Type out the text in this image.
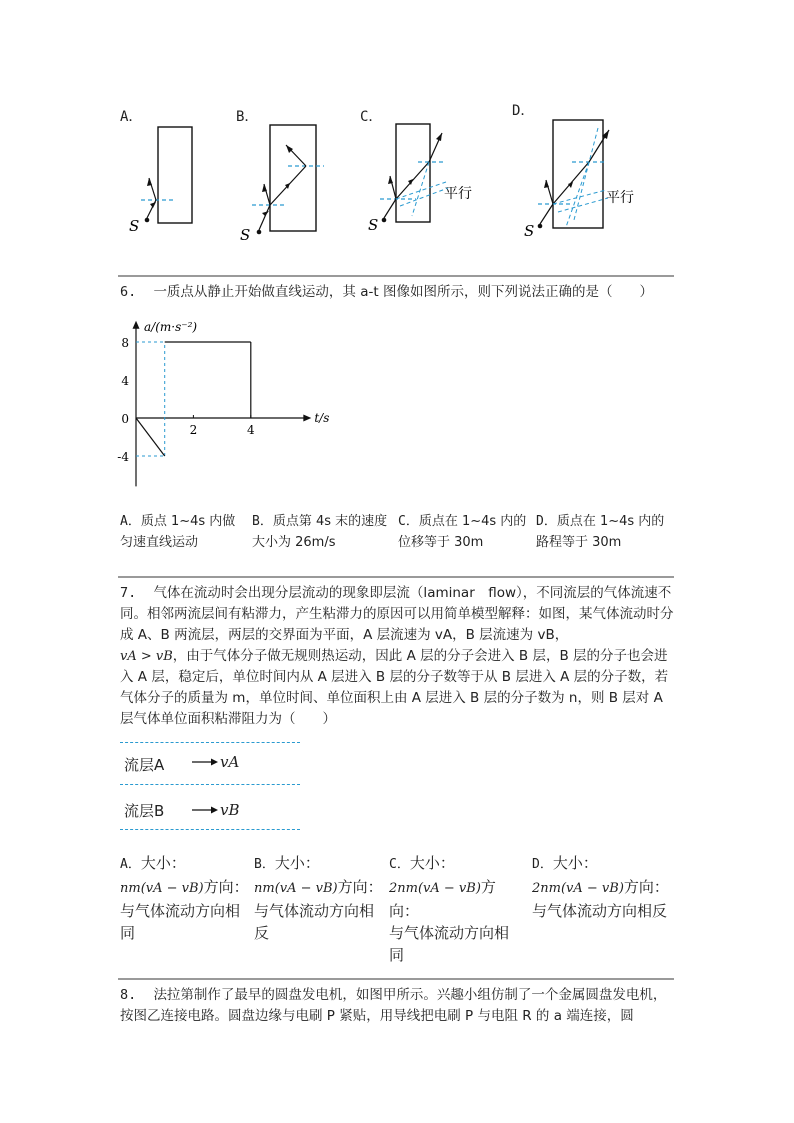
A．
S
B．
S
C．
S
平行
D．
S
平行
6. 一质点从静止开始做直线运动，其 a-t 图像如图所示，则下列说法正确的是（　　）
8
4
0
-4
2	4
t/s
a/(m·s⁻²)
A．质点 1~4s 内做匀速直线运动
B．质点第 4s 末的速度大小为 26m/s
C．质点在 1~4s 内的位移等于 30m
D．质点在 1~4s 内的路程等于 30m
7. 气体在流动时会出现分层流动的现象即层流（laminar　flow），不同流层的气体流速不同。相邻两流层间有粘滞力，产生粘滞力的原因可以用简单模型解释：如图，某气体流动时分成 A、B 两流层，两层的交界面为平面，A 层流速为 vA，B 层流速为 vB，
vA > vB，由于气体分子做无规则热运动，因此 A 层的分子会进入 B 层，B 层的分子也会进入 A 层，稳定后，单位时间内从 A 层进入 B 层的分子数等于从 B 层进入 A 层的分子数，若气体分子的质量为 m，单位时间、单位面积上由 A 层进入 B 层的分子数为 n，则 B 层对 A 层气体单位面积粘滞阻力为（　　）
流层A	vA
流层B	vB
A．大小：
nm(vA − vB)方向：
与气体流动方向相同
B．大小：
nm(vA − vB)方向：
与气体流动方向相反
C．大小：
2nm(vA − vB)方向：
与气体流动方向相同
D．大小：
2nm(vA − vB)方向：
与气体流动方向相反
8. 法拉第制作了最早的圆盘发电机，如图甲所示。兴趣小组仿制了一个金属圆盘发电机，按图乙连接电路。圆盘边缘与电刷 P 紧贴，用导线把电刷 P 与电阻 R 的 a 端连接，圆
